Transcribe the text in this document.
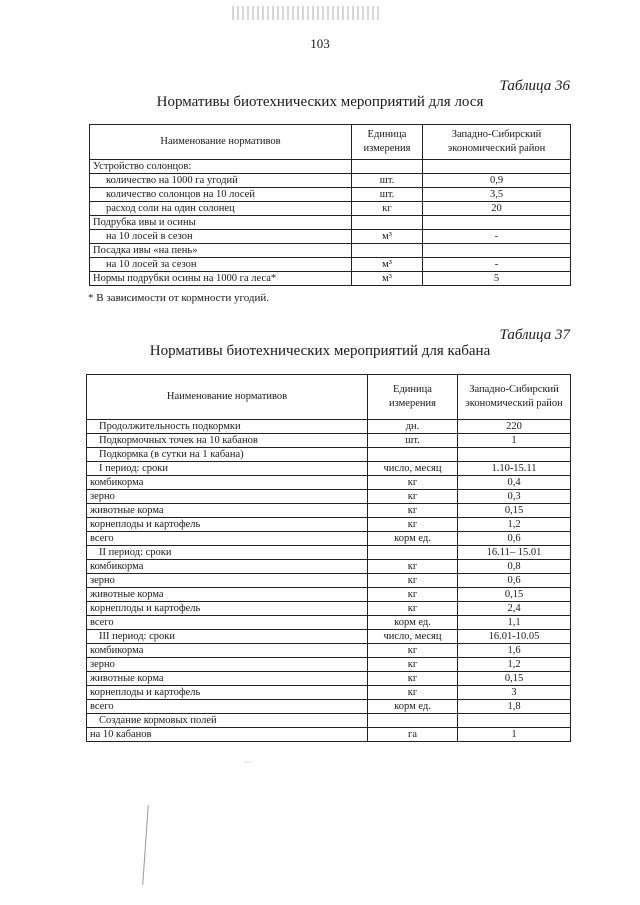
103
Таблица 36
Нормативы биотехнических мероприятий для лося
Наименование нормативов	Единица измерения	Западно-Сибирский экономический район
Устройство солонцов:		
количество на 1000 га угодий	шт.	0,9
количество солонцов на 10 лосей	шт.	3,5
расход соли на один солонец	кг	20
Подрубка ивы и осины		
на 10 лосей в сезон	м³	-
Посадка ивы «на пень»		
на 10 лосей за сезон	м³	-
Нормы подрубки осины на 1000 га леса*	м³	5
* В зависимости от кормности угодий.
Таблица 37
Нормативы биотехнических мероприятий для кабана
Наименование нормативов	Единица измерения	Западно-Сибирский экономический район
Продолжительность подкормки	дн.	220
Подкормочных точек на 10 кабанов	шт.	1
Подкормка (в сутки на 1 кабана)		
I период: сроки	число, месяц	1.10-15.11
комбикорма	кг	0,4
зерно	кг	0,3
животные корма	кг	0,15
корнеплоды и картофель	кг	1,2
всего	корм ед.	0,6
II период: сроки		16.11– 15.01
комбикорма	кг	0,8
зерно	кг	0,6
животные корма	кг	0,15
корнеплоды и картофель	кг	2,4
всего	корм ед.	1,1
III период: сроки	число, месяц	16.01-10.05
комбикорма	кг	1,6
зерно	кг	1,2
животные корма	кг	0,15
корнеплоды и картофель	кг	3
всего	корм ед.	1,8
Создание кормовых полей		
на 10 кабанов	га	1
˙˙˙
